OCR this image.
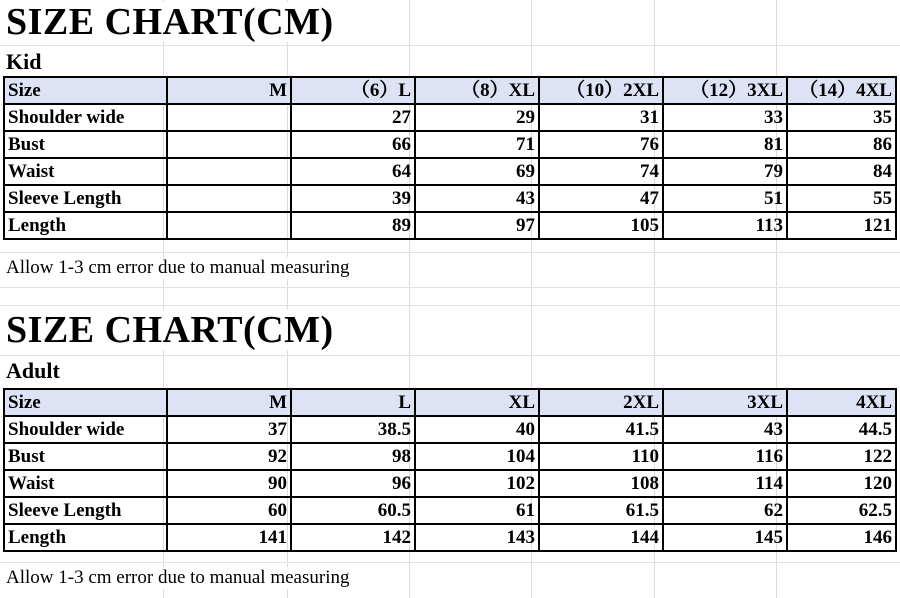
SIZE CHART(CM)
Kid
Size	M	（6）L	（8）XL	（10）2XL	（12）3XL	（14）4XL
Shoulder wide		27	29	31	33	35
Bust		66	71	76	81	86
Waist		64	69	74	79	84
Sleeve Length		39	43	47	51	55
Length		89	97	105	113	121

Allow 1-3 cm error due to manual measuring

SIZE CHART(CM)
Adult
Size	M	L	XL	2XL	3XL	4XL
Shoulder wide	37	38.5	40	41.5	43	44.5
Bust	92	98	104	110	116	122
Waist	90	96	102	108	114	120
Sleeve Length	60	60.5	61	61.5	62	62.5
Length	141	142	143	144	145	146

Allow 1-3 cm error due to manual measuring
